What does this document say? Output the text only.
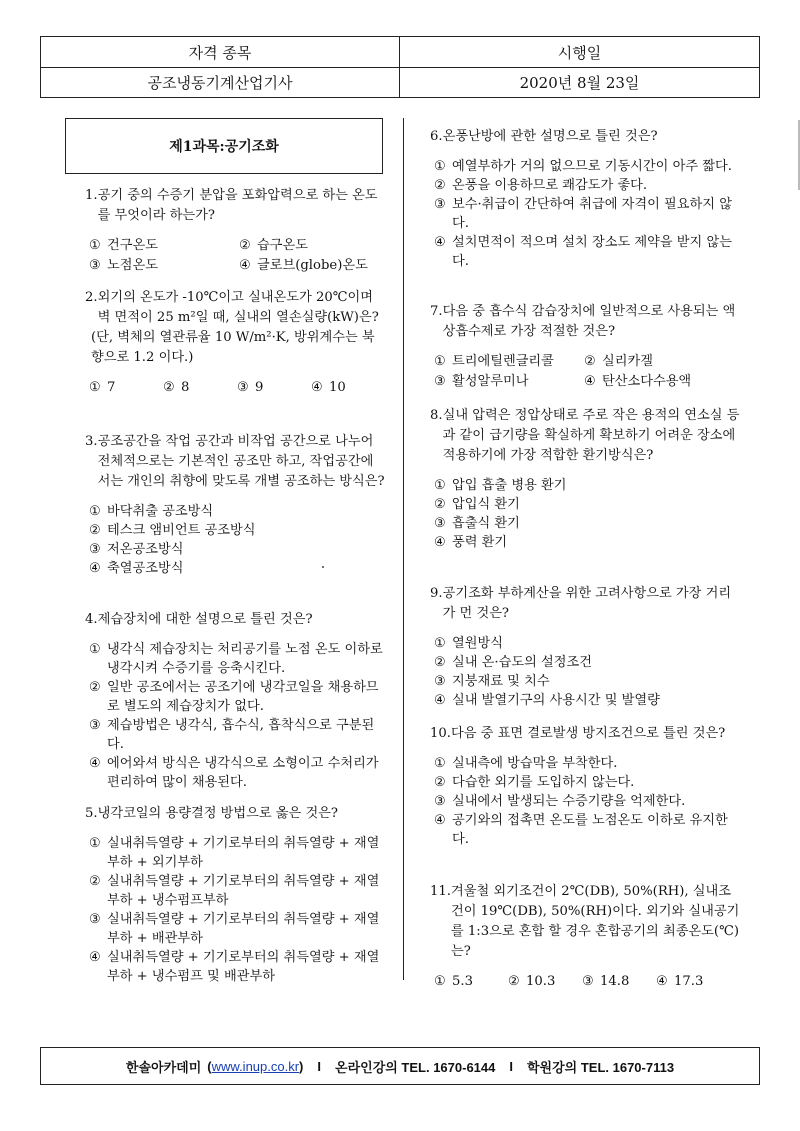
자격 종목	시행일
공조냉동기계산업기사	2020년 8월 23일
제1과목:공기조화
1. 공기 중의 수증기 분압을 포화압력으로 하는 온도를 무엇이라 하는가?
① 건구온도	② 습구온도
③ 노점온도	④ 글로브(globe)온도
2. 외기의 온도가 -10℃이고 실내온도가 20℃이며 벽 면적이 25 m²일 때, 실내의 열손실량(kW)은?
(단, 벽체의 열관류율 10 W/m²·K, 방위계수는 북향으로 1.2 이다.)
① 7	② 8	③ 9	④ 10
3. 공조공간을 작업 공간과 비작업 공간으로 나누어 전체적으로는 기본적인 공조만 하고, 작업공간에서는 개인의 취향에 맞도록 개별 공조하는 방식은?
① 바닥취출 공조방식
② 테스크 앰비언트 공조방식
③ 저온공조방식
④ 축열공조방식
4. 제습장치에 대한 설명으로 틀린 것은?
① 냉각식 제습장치는 처리공기를 노점 온도 이하로 냉각시켜 수증기를 응축시킨다.
② 일반 공조에서는 공조기에 냉각코일을 채용하므로 별도의 제습장치가 없다.
③ 제습방법은 냉각식, 흡수식, 흡착식으로 구분된다.
④ 에어와셔 방식은 냉각식으로 소형이고 수처리가 편리하여 많이 채용된다.
5. 냉각코일의 용량결정 방법으로 옳은 것은?
① 실내취득열량 + 기기로부터의 취득열량 + 재열부하 + 외기부하
② 실내취득열량 + 기기로부터의 취득열량 + 재열부하 + 냉수펌프부하
③ 실내취득열량 + 기기로부터의 취득열량 + 재열부하 + 배관부하
④ 실내취득열량 + 기기로부터의 취득열량 + 재열부하 + 냉수펌프 및 배관부하
6. 온풍난방에 관한 설명으로 틀린 것은?
① 예열부하가 거의 없으므로 기동시간이 아주 짧다.
② 온풍을 이용하므로 쾌감도가 좋다.
③ 보수·취급이 간단하여 취급에 자격이 필요하지 않다.
④ 설치면적이 적으며 설치 장소도 제약을 받지 않는다.
7. 다음 중 흡수식 감습장치에 일반적으로 사용되는 액상흡수제로 가장 적절한 것은?
① 트리에틸렌글리콜	② 실리카겔
③ 활성알루미나	④ 탄산소다수용액
8. 실내 압력은 정압상태로 주로 작은 용적의 연소실 등과 같이 급기량을 확실하게 확보하기 어려운 장소에 적용하기에 가장 적합한 환기방식은?
① 압입 흡출 병용 환기
② 압입식 환기
③ 흡출식 환기
④ 풍력 환기
9. 공기조화 부하계산을 위한 고려사항으로 가장 거리가 먼 것은?
① 열원방식
② 실내 온·습도의 설정조건
③ 지붕재료 및 치수
④ 실내 발열기구의 사용시간 및 발열량
10. 다음 중 표면 결로발생 방지조건으로 틀린 것은?
① 실내측에 방습막을 부착한다.
② 다습한 외기를 도입하지 않는다.
③ 실내에서 발생되는 수증기량을 억제한다.
④ 공기와의 접촉면 온도를 노점온도 이하로 유지한다.
11. 겨울철 외기조건이 2℃(DB), 50%(RH), 실내조건이 19℃(DB), 50%(RH)이다. 외기와 실내공기를 1:3으로 혼합 할 경우 혼합공기의 최종온도(℃)는?
① 5.3	② 10.3	③ 14.8	④ 17.3
한솔아카데미 (www.inup.co.kr)	I	온라인강의 TEL. 1670-6144	I	학원강의 TEL. 1670-7113
